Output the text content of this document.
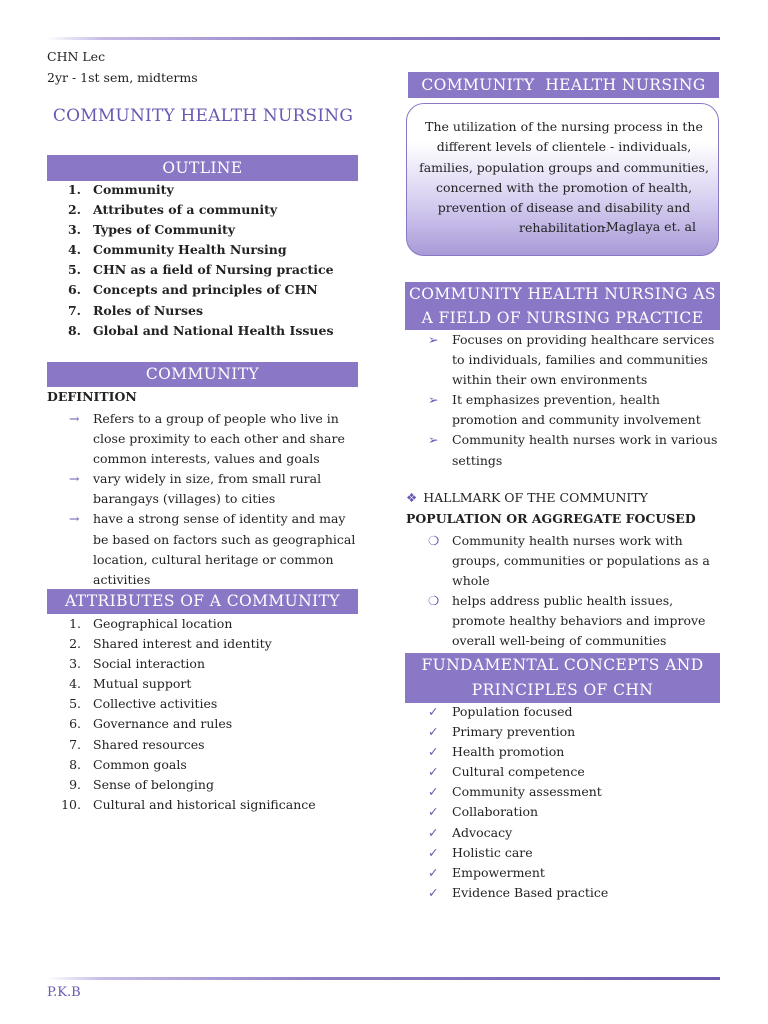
CHN Lec
2yr - 1st sem, midterms
COMMUNITY HEALTH NURSING
OUTLINE
1. Community
2. Attributes of a community
3. Types of Community
4. Community Health Nursing
5. CHN as a field of Nursing practice
6. Concepts and principles of CHN
7. Roles of Nurses
8. Global and National Health Issues
COMMUNITY
DEFINITION
→ Refers to a group of people who live in close proximity to each other and share common interests, values and goals
→ vary widely in size, from small rural barangays (villages) to cities
→ have a strong sense of identity and may be based on factors such as geographical location, cultural heritage or common activities
ATTRIBUTES OF A COMMUNITY
1. Geographical location
2. Shared interest and identity
3. Social interaction
4. Mutual support
5. Collective activities
6. Governance and rules
7. Shared resources
8. Common goals
9. Sense of belonging
10. Cultural and historical significance
COMMUNITY  HEALTH NURSING
The utilization of the nursing process in the different levels of clientele - individuals, families, population groups and communities, concerned with the promotion of health, prevention of disease and disability and rehabilitation.
-Maglaya et. al
COMMUNITY HEALTH NURSING AS
A FIELD OF NURSING PRACTICE
➢ Focuses on providing healthcare services to individuals, families and communities within their own environments
➢ It emphasizes prevention, health promotion and community involvement
➢ Community health nurses work in various settings
❖ HALLMARK OF THE COMMUNITY
POPULATION OR AGGREGATE FOCUSED
❍ Community health nurses work with groups, communities or populations as a whole
❍ helps address public health issues, promote healthy behaviors and improve overall well-being of communities
FUNDAMENTAL CONCEPTS AND
PRINCIPLES OF CHN
✓ Population focused
✓ Primary prevention
✓ Health promotion
✓ Cultural competence
✓ Community assessment
✓ Collaboration
✓ Advocacy
✓ Holistic care
✓ Empowerment
✓ Evidence Based practice
P.K.B
